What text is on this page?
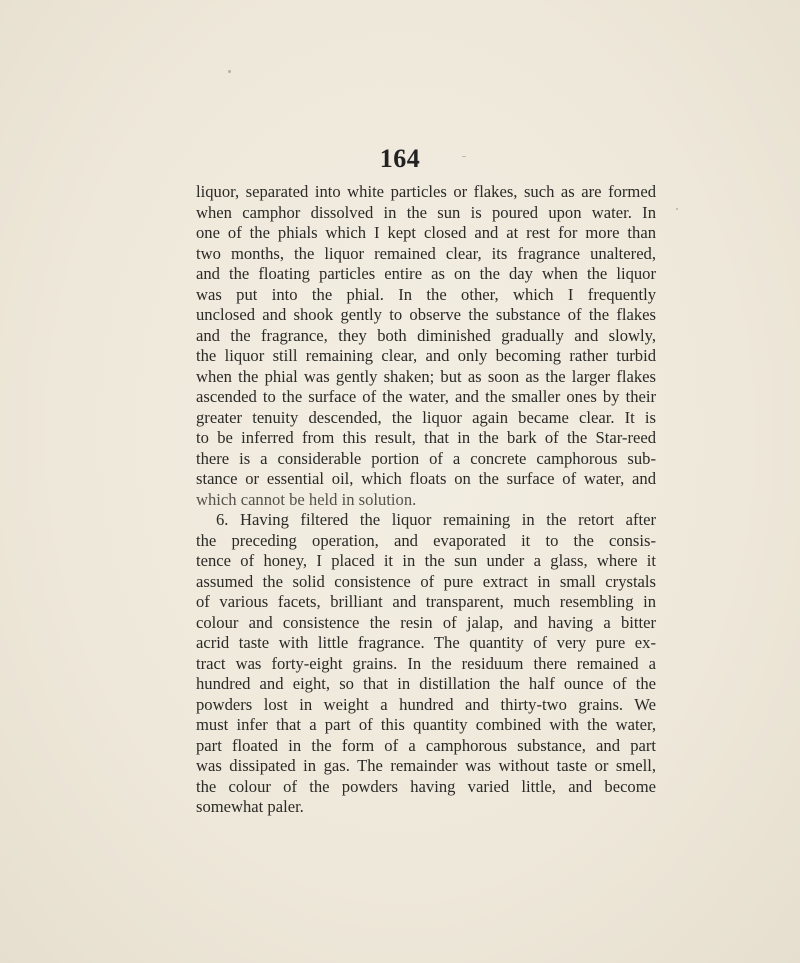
164
liquor, separated into white particles or flakes, such as are formed
when camphor dissolved in the sun is poured upon water. In
one of the phials which I kept closed and at rest for more than
two months, the liquor remained clear, its fragrance unaltered,
and the floating particles entire as on the day when the liquor
was put into the phial. In the other, which I frequently
unclosed and shook gently to observe the substance of the flakes
and the fragrance, they both diminished gradually and slowly,
the liquor still remaining clear, and only becoming rather turbid
when the phial was gently shaken; but as soon as the larger flakes
ascended to the surface of the water, and the smaller ones by their
greater tenuity descended, the liquor again became clear. It is
to be inferred from this result, that in the bark of the Star-reed
there is a considerable portion of a concrete camphorous sub-
stance or essential oil, which floats on the surface of water, and
which cannot be held in solution.
6. Having filtered the liquor remaining in the retort after
the preceding operation, and evaporated it to the consis-
tence of honey, I placed it in the sun under a glass, where it
assumed the solid consistence of pure extract in small crystals
of various facets, brilliant and transparent, much resembling in
colour and consistence the resin of jalap, and having a bitter
acrid taste with little fragrance. The quantity of very pure ex-
tract was forty-eight grains. In the residuum there remained a
hundred and eight, so that in distillation the half ounce of the
powders lost in weight a hundred and thirty-two grains. We
must infer that a part of this quantity combined with the water,
part floated in the form of a camphorous substance, and part
was dissipated in gas. The remainder was without taste or smell,
the colour of the powders having varied little, and become
somewhat paler.
